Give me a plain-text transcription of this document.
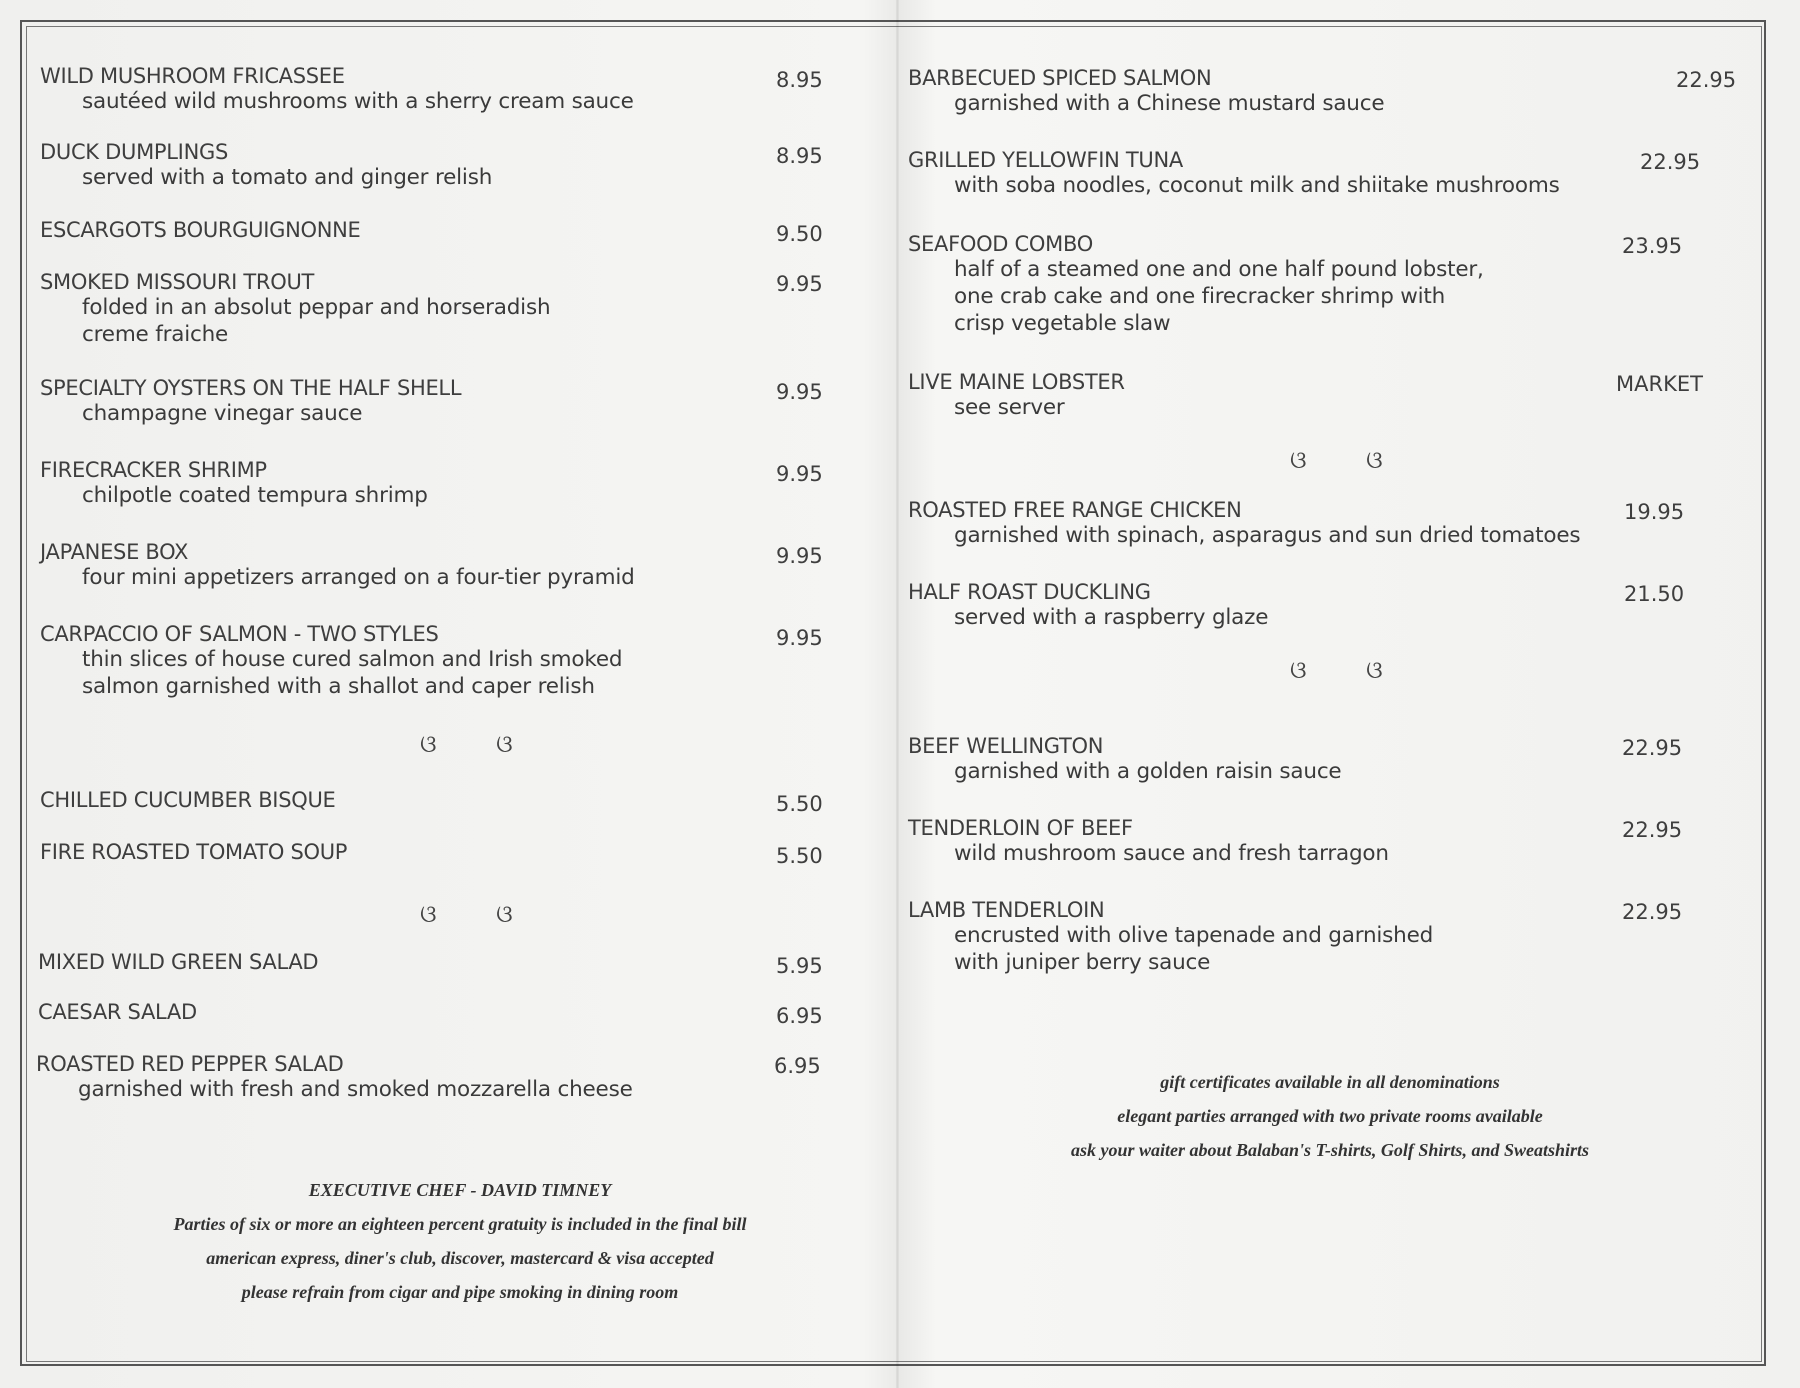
WILD MUSHROOM FRICASSEE
sautéed wild mushrooms with a sherry cream sauce
8.95
DUCK DUMPLINGS
served with a tomato and ginger relish
8.95
ESCARGOTS BOURGUIGNONNE	9.50
SMOKED MISSOURI TROUT
folded in an absolut peppar and horseradish
creme fraiche
9.95
SPECIALTY OYSTERS ON THE HALF SHELL
champagne vinegar sauce
9.95
FIRECRACKER SHRIMP
chilpotle coated tempura shrimp
9.95
JAPANESE BOX
four mini appetizers arranged on a four-tier pyramid
9.95
CARPACCIO OF SALMON - TWO STYLES
thin slices of house cured salmon and Irish smoked
salmon garnished with a shallot and caper relish
9.95
ଓ ଓ
CHILLED CUCUMBER BISQUE	5.50
FIRE ROASTED TOMATO SOUP	5.50
ଓ ଓ
MIXED WILD GREEN SALAD	5.95
CAESAR SALAD	6.95
ROASTED RED PEPPER SALAD
garnished with fresh and smoked mozzarella cheese
6.95
EXECUTIVE CHEF - DAVID TIMNEY
Parties of six or more an eighteen percent gratuity is included in the final bill
american express, diner's club, discover, mastercard & visa accepted
please refrain from cigar and pipe smoking in dining room
BARBECUED SPICED SALMON
garnished with a Chinese mustard sauce
22.95
GRILLED YELLOWFIN TUNA
with soba noodles, coconut milk and shiitake mushrooms
22.95
SEAFOOD COMBO
half of a steamed one and one half pound lobster,
one crab cake and one firecracker shrimp with
crisp vegetable slaw
23.95
LIVE MAINE LOBSTER
see server
MARKET
ଓ ଓ
ROASTED FREE RANGE CHICKEN
garnished with spinach, asparagus and sun dried tomatoes
19.95
HALF ROAST DUCKLING
served with a raspberry glaze
21.50
ଓ ଓ
BEEF WELLINGTON
garnished with a golden raisin sauce
22.95
TENDERLOIN OF BEEF
wild mushroom sauce and fresh tarragon
22.95
LAMB TENDERLOIN
encrusted with olive tapenade and garnished
with juniper berry sauce
22.95
gift certificates available in all denominations
elegant parties arranged with two private rooms available
ask your waiter about Balaban's T-shirts, Golf Shirts, and Sweatshirts
